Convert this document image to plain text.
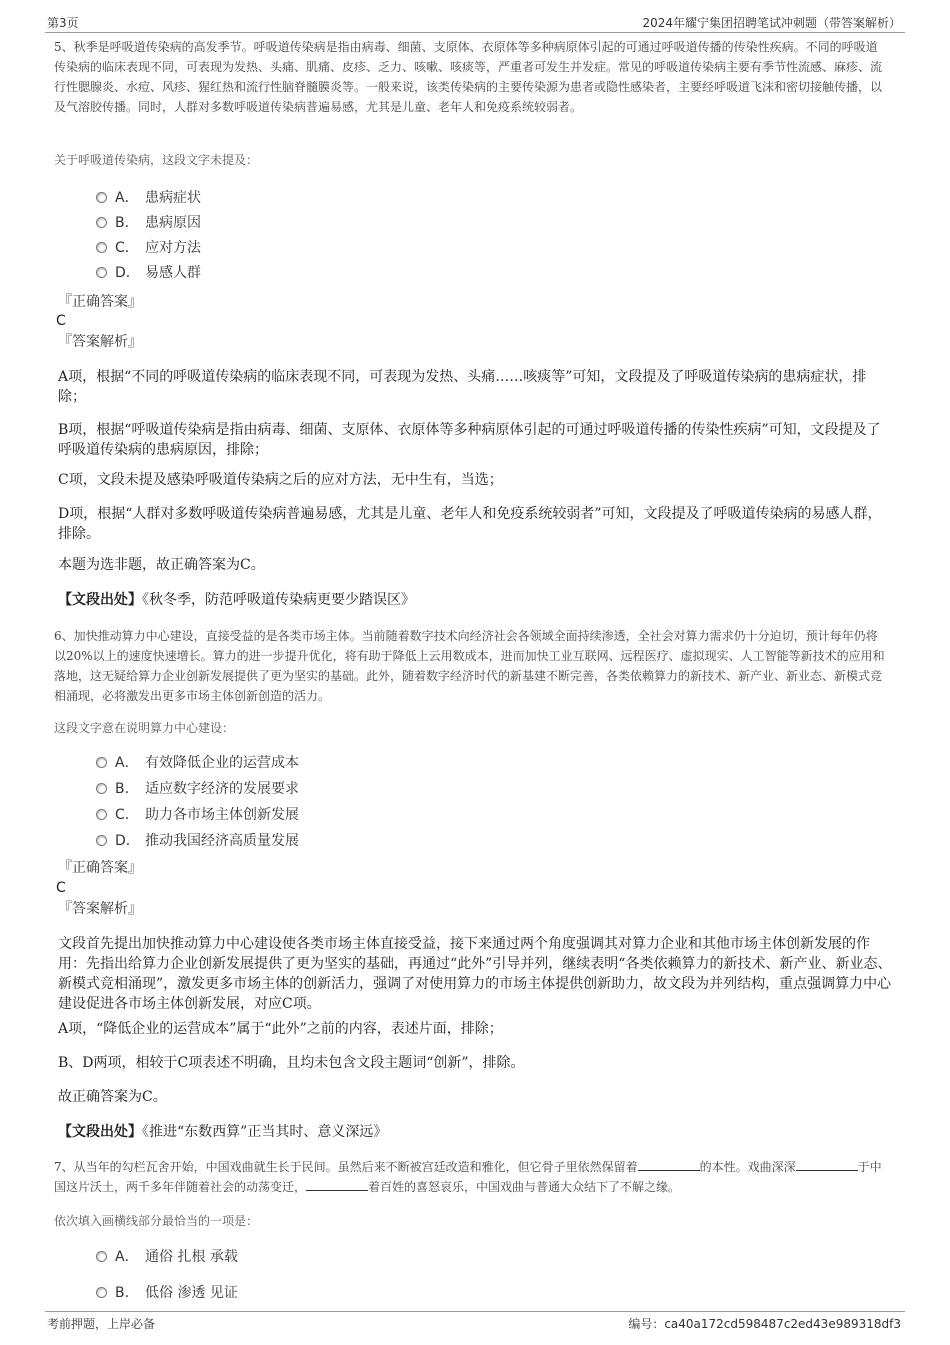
第3页	2024年耀宁集团招聘笔试冲刺题（带答案解析）
5、秋季是呼吸道传染病的高发季节。呼吸道传染病是指由病毒、细菌、支原体、衣原体等多种病原体引起的可通过呼吸道传播的传染性疾病。不同的呼吸道传染病的临床表现不同，可表现为发热、头痛、肌痛、皮疹、乏力、咳嗽、咳痰等，严重者可发生并发症。常见的呼吸道传染病主要有季节性流感、麻疹、流行性腮腺炎、水痘、风疹、猩红热和流行性脑脊髓膜炎等。一般来说，该类传染病的主要传染源为患者或隐性感染者，主要经呼吸道飞沫和密切接触传播，以及气溶胶传播。同时，人群对多数呼吸道传染病普遍易感，尤其是儿童、老年人和免疫系统较弱者。
关于呼吸道传染病，这段文字未提及：
A． 患病症状
B． 患病原因
C． 应对方法
D． 易感人群
『正确答案』
C
『答案解析』
A项，根据“不同的呼吸道传染病的临床表现不同，可表现为发热、头痛……咳痰等”可知，文段提及了呼吸道传染病的患病症状，排除；
B项，根据“呼吸道传染病是指由病毒、细菌、支原体、衣原体等多种病原体引起的可通过呼吸道传播的传染性疾病”可知，文段提及了呼吸道传染病的患病原因，排除；
C项，文段未提及感染呼吸道传染病之后的应对方法，无中生有，当选；
D项，根据“人群对多数呼吸道传染病普遍易感，尤其是儿童、老年人和免疫系统较弱者”可知，文段提及了呼吸道传染病的易感人群，排除。
本题为选非题，故正确答案为C。
【文段出处】《秋冬季，防范呼吸道传染病更要少踏误区》
6、加快推动算力中心建设，直接受益的是各类市场主体。当前随着数字技术向经济社会各领域全面持续渗透，全社会对算力需求仍十分迫切，预计每年仍将以20%以上的速度快速增长。算力的进一步提升优化，将有助于降低上云用数成本，进而加快工业互联网、远程医疗、虚拟现实、人工智能等新技术的应用和落地，这无疑给算力企业创新发展提供了更为坚实的基础。此外，随着数字经济时代的新基建不断完善，各类依赖算力的新技术、新产业、新业态、新模式竞相涌现，必将激发出更多市场主体创新创造的活力。
这段文字意在说明算力中心建设：
A． 有效降低企业的运营成本
B． 适应数字经济的发展要求
C． 助力各市场主体创新发展
D． 推动我国经济高质量发展
『正确答案』
C
『答案解析』
文段首先提出加快推动算力中心建设使各类市场主体直接受益，接下来通过两个角度强调其对算力企业和其他市场主体创新发展的作用：先指出给算力企业创新发展提供了更为坚实的基础，再通过“此外”引导并列，继续表明“各类依赖算力的新技术、新产业、新业态、新模式竞相涌现”，激发更多市场主体的创新活力，强调了对使用算力的市场主体提供创新助力，故文段为并列结构，重点强调算力中心建设促进各市场主体创新发展，对应C项。
A项，“降低企业的运营成本”属于“此外”之前的内容，表述片面，排除；
B、D两项，相较于C项表述不明确，且均未包含文段主题词“创新”，排除。
故正确答案为C。
【文段出处】《推进“东数西算”正当其时、意义深远》
7、从当年的勾栏瓦舍开始，中国戏曲就生长于民间。虽然后来不断被宫廷改造和雅化，但它骨子里依然保留着	的本性。戏曲深深	于中国这片沃土，两千多年伴随着社会的动荡变迁，	着百姓的喜怒哀乐，中国戏曲与普通大众结下了不解之缘。
依次填入画横线部分最恰当的一项是：
A． 通俗 扎根 承载
B． 低俗 渗透 见证
考前押题，上岸必备	编号：ca40a172cd598487c2ed43e989318df3
